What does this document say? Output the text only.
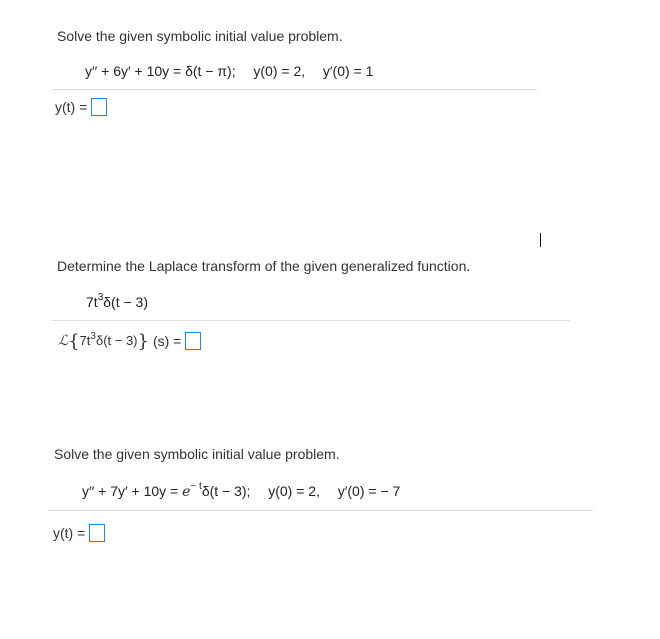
Solve the given symbolic initial value problem.
y′′ + 6y′ + 10y = δ(t − π); y(0) = 2, y′(0) = 1
y(t) =
Determine the Laplace transform of the given generalized function.
$7t^3\delta(t - 3)$
ℒ { $7t^3\delta(t - 3)$ } (s) =
Solve the given symbolic initial value problem.
$y'' + 7y' + 10y = e^{- t}\delta(t - 3)$; y(0) = 2, y′(0) = − 7
y(t) =
